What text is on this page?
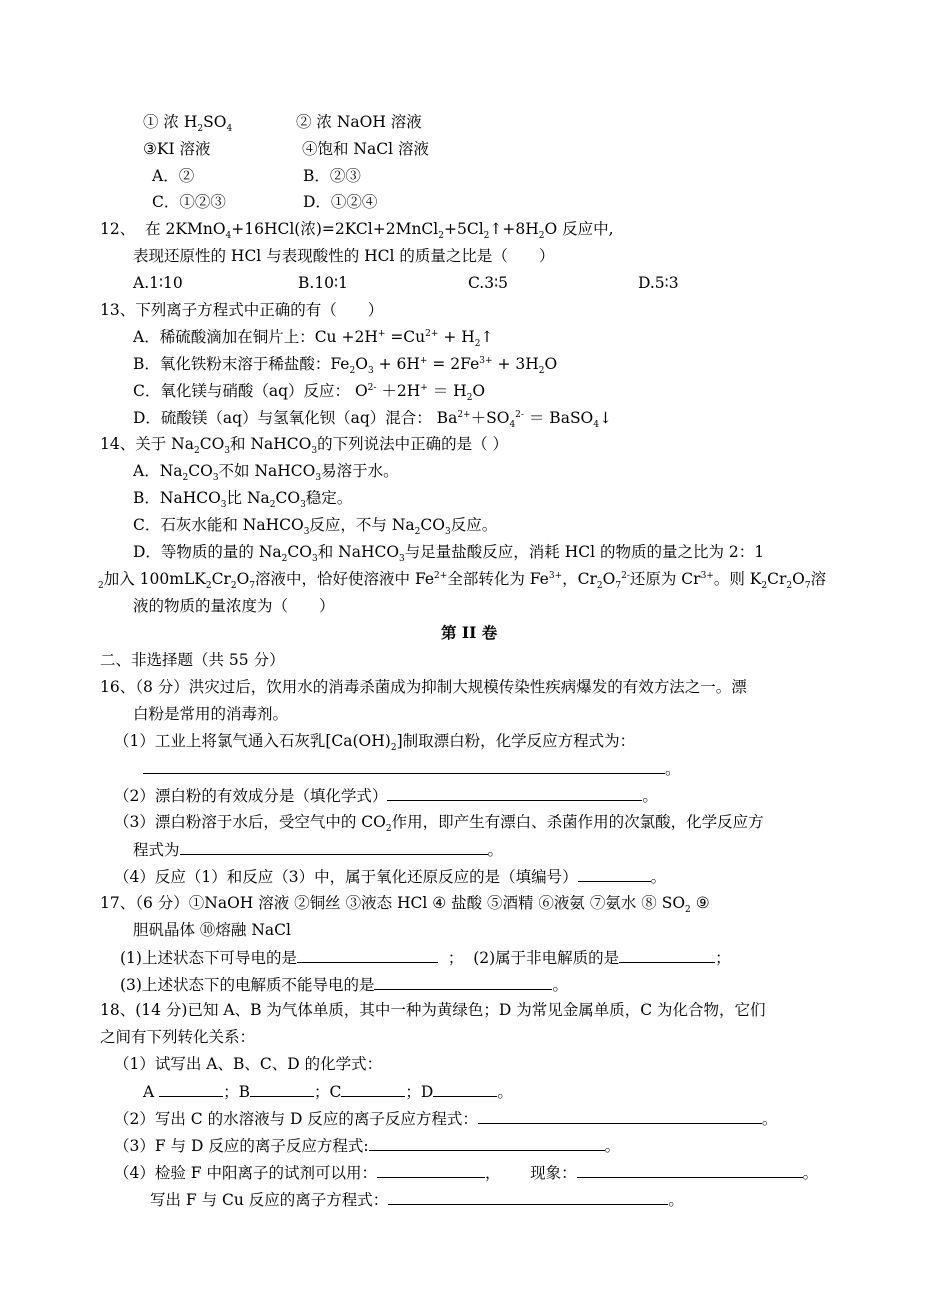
① 浓 $H_2SO_4$	② 浓 NaOH 溶液
③KI 溶液	④饱和 NaCl 溶液
A．②	B．②③
C．①②③	D．①②④
12、 在 2KMnO$_4$+16HCl(浓)$=2KCl+2MnCl_2+5Cl_2↑+8H_2O$ 反应中,
表现还原性的 HCl 与表现酸性的 HCl 的质量之比是（　　）
A.1∶10	B.10∶1	C.3∶5	D.5∶3
13、下列离子方程式中正确的有（　　）
A．稀硫酸滴加在铜片上：$Cu +2H^+ =Cu^{2+}$ + $H_2↑$
B．氧化铁粉末溶于稀盐酸：$Fe_2O_3 + 6H^+ = 2Fe^{3+} + 3H_2O$
C．氧化镁与硝酸（aq）反应： $O^{2-} +2H^+ = H_2O$
D．硫酸镁（aq）与氢氧化钡（aq）混合： $Ba^{2+}+SO_4^{2-}$ ＝ BaSO$_4$↓
14、关于 $Na_2CO_3$和 NaHCO$_3$的下列说法中正确的是（ ）
A．$Na_2CO_3$不如 NaHCO$_3$易溶于水。
B．NaHCO$_3$比 $Na_2CO_3$稳定。
C．石灰水能和 NaHCO$_3$反应，不与 $Na_2CO_3$反应。
D．等物质的量的 $Na_2CO_3$和 NaHCO$_3$与足量盐酸反应，消耗 HCl 的物质的量之比为 2：1
$_2$加入 $100mLK_2Cr_2O_7$溶液中，恰好使溶液中 $Fe^{2+}$全部转化为 $Fe^{3+}$，$Cr_2O_7^{2-}$还原为 $Cr^{3+}$。则 $K_2Cr_2O_7$溶
液的物质的量浓度为（　　）
第 II 卷
二、非选择题（共 55 分）
16、（8 分）洪灾过后，饮用水的消毒杀菌成为抑制大规模传染性疾病爆发的有效方法之一。漂
白粉是常用的消毒剂。
（1）工业上将氯气通入石灰乳$[Ca(OH)_2]$制取漂白粉，化学反应方程式为：
。
（2）漂白粉的有效成分是（填化学式）	。
（3）漂白粉溶于水后，受空气中的 $CO_2$作用，即产生有漂白、杀菌作用的次氯酸，化学反应方
程式为	。
（4）反应（1）和反应（3）中，属于氧化还原反应的是（填编号）	。
17、（6 分）①NaOH 溶液 ②铜丝 ③液态 HCl ④ 盐酸 ⑤酒精 ⑥液氨 ⑦氨水 ⑧ $SO_2$ ⑨
胆矾晶体 ⑩熔融 NaCl
(1)上述状态下可导电的是	； (2)属于非电解质的是	；
(3)上述状态下的电解质不能导电的是	。
18、(14 分)已知 A、B 为气体单质，其中一种为黄绿色；D 为常见金属单质，C 为化合物，它们
之间有下列转化关系：
（1）试写出 A、B、C、D 的化学式：
A	；B	；C	；D	。
（2）写出 C 的水溶液与 D 反应的离子反应方程式：	。
（3）F 与 D 反应的离子反应方程式:	。
（4）检验 F 中阳离子的试剂可以用：	， 现象：	。
写出 F 与 Cu 反应的离子方程式：	。
